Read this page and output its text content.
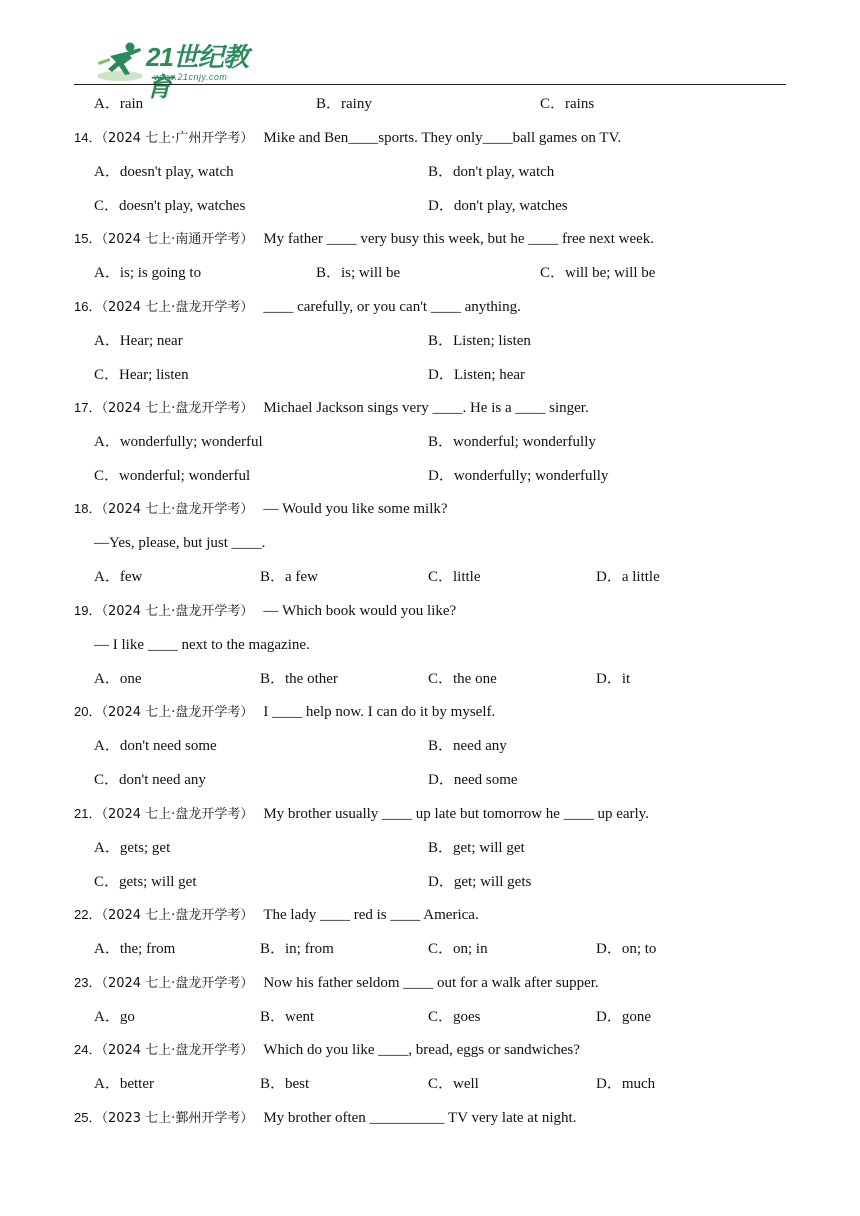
21世纪教育
www.21cnjy.com
A．rain	B．rainy	C．rains
14．（2024 七上·广州开学考） Mike and Ben____sports. They only____ball games on TV.
A．doesn't play, watch	B．don't play, watch
C．doesn't play, watches	D．don't play, watches
15．（2024 七上·南通开学考） My father ____ very busy this week, but he ____ free next week.
A．is; is going to	B．is; will be	C．will be; will be
16．（2024 七上·盘龙开学考） ____ carefully, or you can't ____ anything.
A．Hear; near	B．Listen; listen
C．Hear; listen	D．Listen; hear
17．（2024 七上·盘龙开学考） Michael Jackson sings very ____. He is a ____ singer.
A．wonderfully; wonderful	B．wonderful; wonderfully
C．wonderful; wonderful	D．wonderfully; wonderfully
18．（2024 七上·盘龙开学考） — Would you like some milk?
—Yes, please, but just ____.
A．few	B．a few	C．little	D．a little
19．（2024 七上·盘龙开学考） — Which book would you like?
— I like ____ next to the magazine.
A．one	B．the other	C．the one	D．it
20．（2024 七上·盘龙开学考） I ____ help now. I can do it by myself.
A．don't need some	B．need any
C．don't need any	D．need some
21．（2024 七上·盘龙开学考） My brother usually ____ up late but tomorrow he ____ up early.
A．gets; get	B．get; will get
C．gets; will get	D．get; will gets
22．（2024 七上·盘龙开学考） The lady ____ red is ____ America.
A．the; from	B．in; from	C．on; in	D．on; to
23．（2024 七上·盘龙开学考） Now his father seldom ____ out for a walk after supper.
A．go	B．went	C．goes	D．gone
24．（2024 七上·盘龙开学考） Which do you like ____, bread, eggs or sandwiches?
A．better	B．best	C．well	D．much
25．（2023 七上·鄞州开学考） My brother often __________ TV very late at night.
